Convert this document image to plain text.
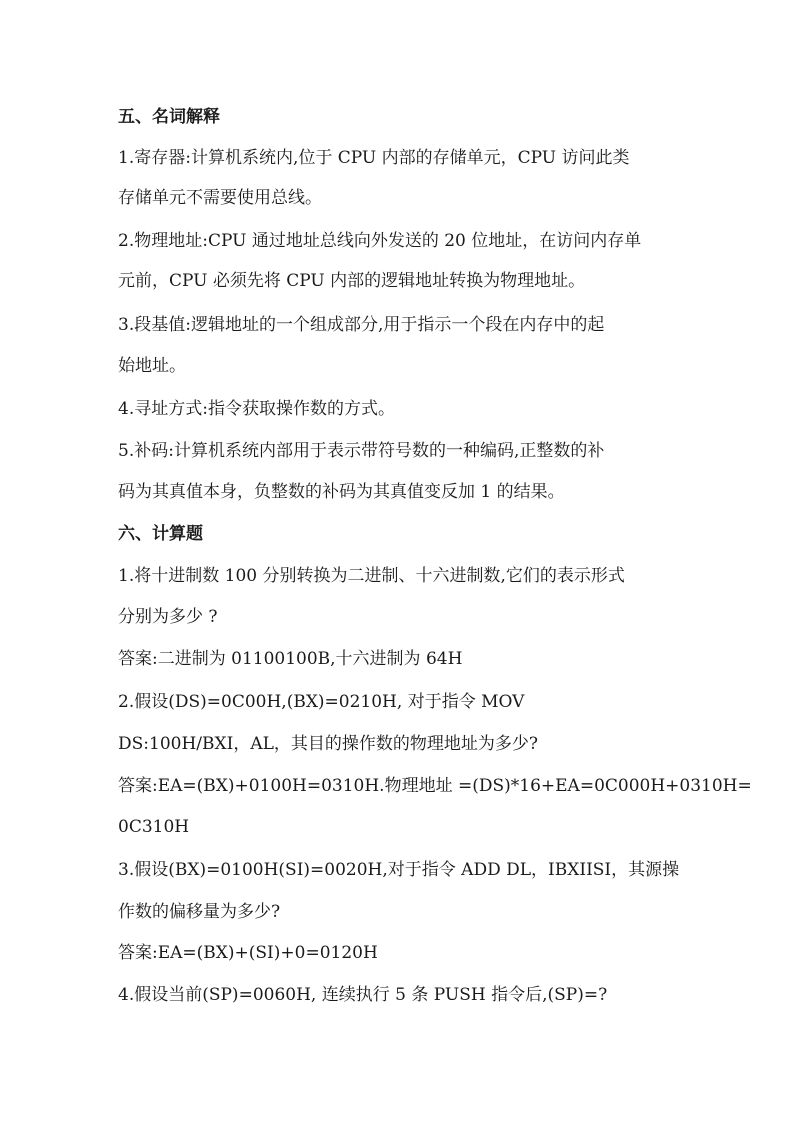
五、名词解释
1.寄存器:计算机系统内,位于 CPU 内部的存储单元，CPU 访问此类
存储单元不需要使用总线。
2.物理地址:CPU 通过地址总线向外发送的 20 位地址，在访问内存单
元前，CPU 必须先将 CPU 内部的逻辑地址转换为物理地址。
3.段基值:逻辑地址的一个组成部分,用于指示一个段在内存中的起
始地址。
4.寻址方式:指令获取操作数的方式。
5.补码:计算机系统内部用于表示带符号数的一种编码,正整数的补
码为其真值本身，负整数的补码为其真值变反加 1 的结果。
六、计算题
1.将十进制数 100 分别转换为二进制、十六进制数,它们的表示形式
分别为多少 ?
答案:二进制为 01100100B,十六进制为 64H
2.假设(DS)=0C00H,(BX)=0210H, 对于指令 MOV
DS:100H/BXI，AL，其目的操作数的物理地址为多少?
答案:EA=(BX)+0100H=0310H.物理地址 =(DS)*16+EA=0C000H+0310H=
0C310H
3.假设(BX)=0100H(SI)=0020H,对于指令 ADD DL，IBXIISI，其源操
作数的偏移量为多少?
答案:EA=(BX)+(SI)+0=0120H
4.假设当前(SP)=0060H, 连续执行 5 条 PUSH 指令后,(SP)=?
